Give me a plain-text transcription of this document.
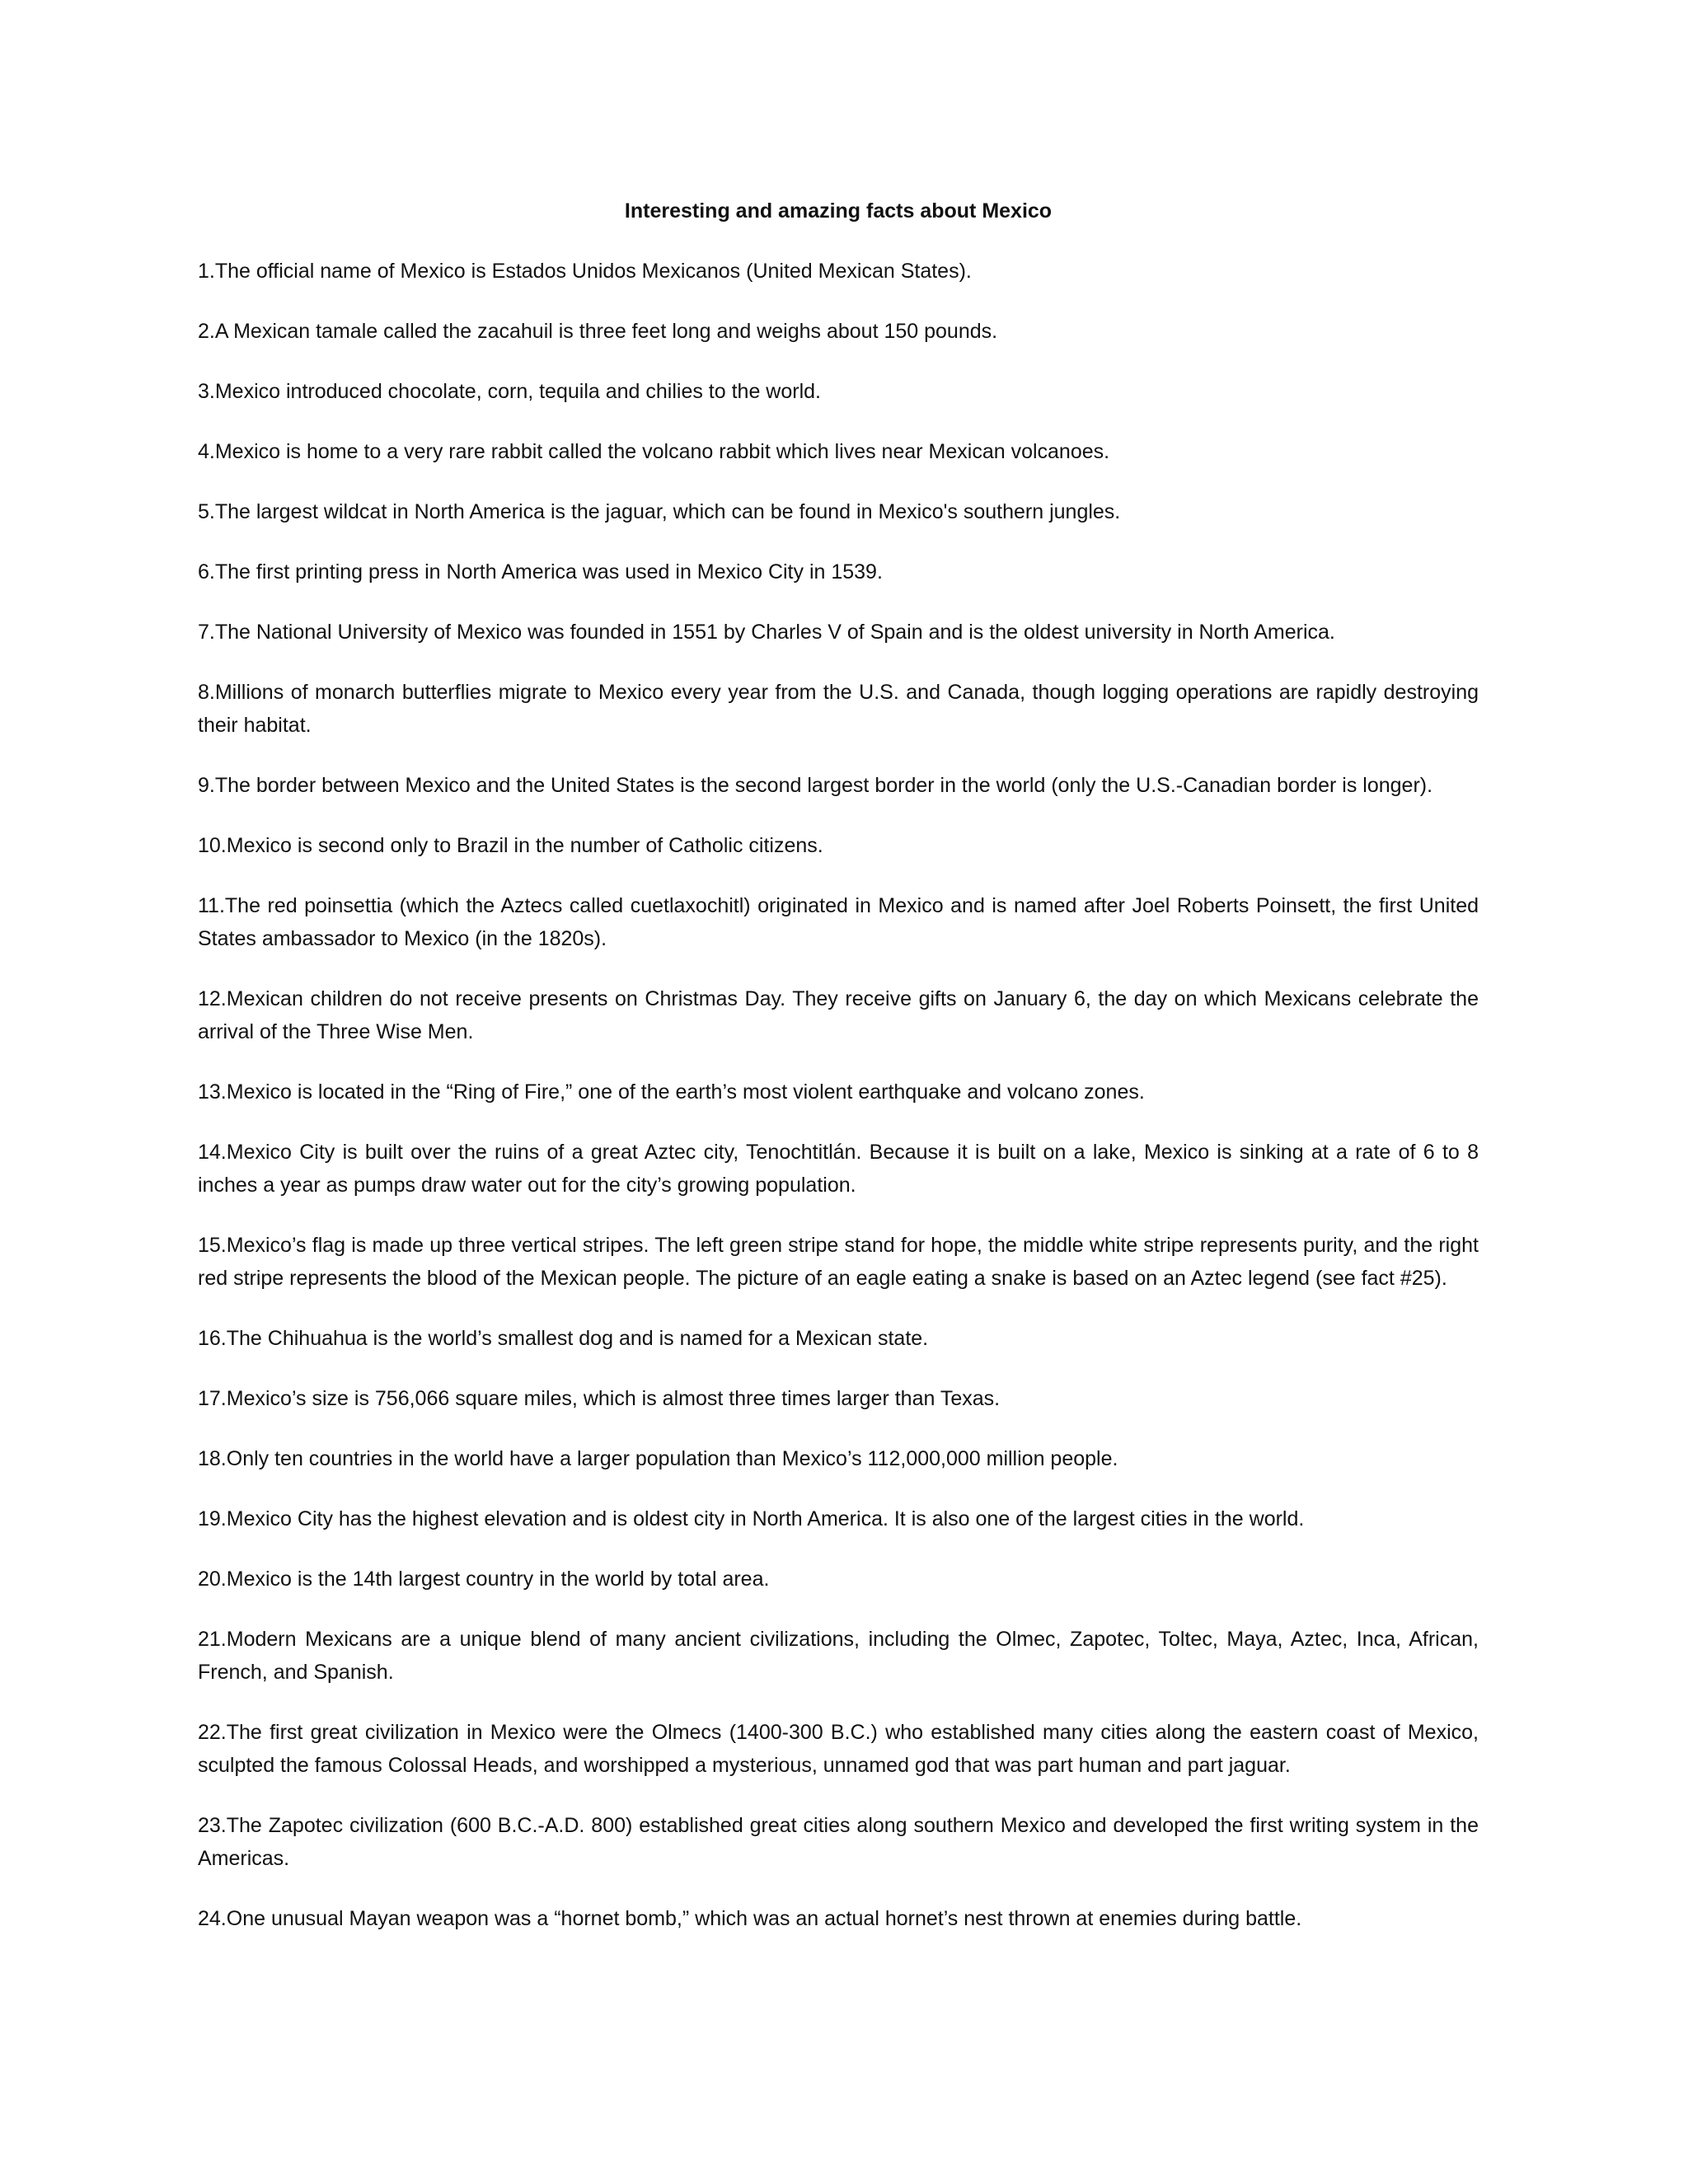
Interesting and amazing facts about Mexico

1.The official name of Mexico is Estados Unidos Mexicanos (United Mexican States).

2.A Mexican tamale called the zacahuil is three feet long and weighs about 150 pounds.

3.Mexico introduced chocolate, corn, tequila and chilies to the world.

4.Mexico is home to a very rare rabbit called the volcano rabbit which lives near Mexican volcanoes.

5.The largest wildcat in North America is the jaguar, which can be found in Mexico's southern jungles.

6.The first printing press in North America was used in Mexico City in 1539.

7.The National University of Mexico was founded in 1551 by Charles V of Spain and is the oldest university in North America.

8.Millions of monarch butterflies migrate to Mexico every year from the U.S. and Canada, though logging operations are rapidly destroying their habitat.

9.The border between Mexico and the United States is the second largest border in the world (only the U.S.-Canadian border is longer).

10.Mexico is second only to Brazil in the number of Catholic citizens.

11.The red poinsettia (which the Aztecs called cuetlaxochitl) originated in Mexico and is named after Joel Roberts Poinsett, the first United States ambassador to Mexico (in the 1820s).

12.Mexican children do not receive presents on Christmas Day. They receive gifts on January 6, the day on which Mexicans celebrate the arrival of the Three Wise Men.

13.Mexico is located in the “Ring of Fire,” one of the earth’s most violent earthquake and volcano zones.

14.Mexico City is built over the ruins of a great Aztec city, Tenochtitlán. Because it is built on a lake, Mexico is sinking at a rate of 6 to 8 inches a year as pumps draw water out for the city’s growing population.

15.Mexico’s flag is made up three vertical stripes. The left green stripe stand for hope, the middle white stripe represents purity, and the right red stripe represents the blood of the Mexican people. The picture of an eagle eating a snake is based on an Aztec legend (see fact #25).

16.The Chihuahua is the world’s smallest dog and is named for a Mexican state.

17.Mexico’s size is 756,066 square miles, which is almost three times larger than Texas.

18.Only ten countries in the world have a larger population than Mexico’s 112,000,000 million people.

19.Mexico City has the highest elevation and is oldest city in North America. It is also one of the largest cities in the world.

20.Mexico is the 14th largest country in the world by total area.

21.Modern Mexicans are a unique blend of many ancient civilizations, including the Olmec, Zapotec, Toltec, Maya, Aztec, Inca, African, French, and Spanish.

22.The first great civilization in Mexico were the Olmecs (1400-300 B.C.) who established many cities along the eastern coast of Mexico, sculpted the famous Colossal Heads, and worshipped a mysterious, unnamed god that was part human and part jaguar.

23.The Zapotec civilization (600 B.C.-A.D. 800) established great cities along southern Mexico and developed the first writing system in the Americas.

24.One unusual Mayan weapon was a “hornet bomb,” which was an actual hornet’s nest thrown at enemies during battle.
